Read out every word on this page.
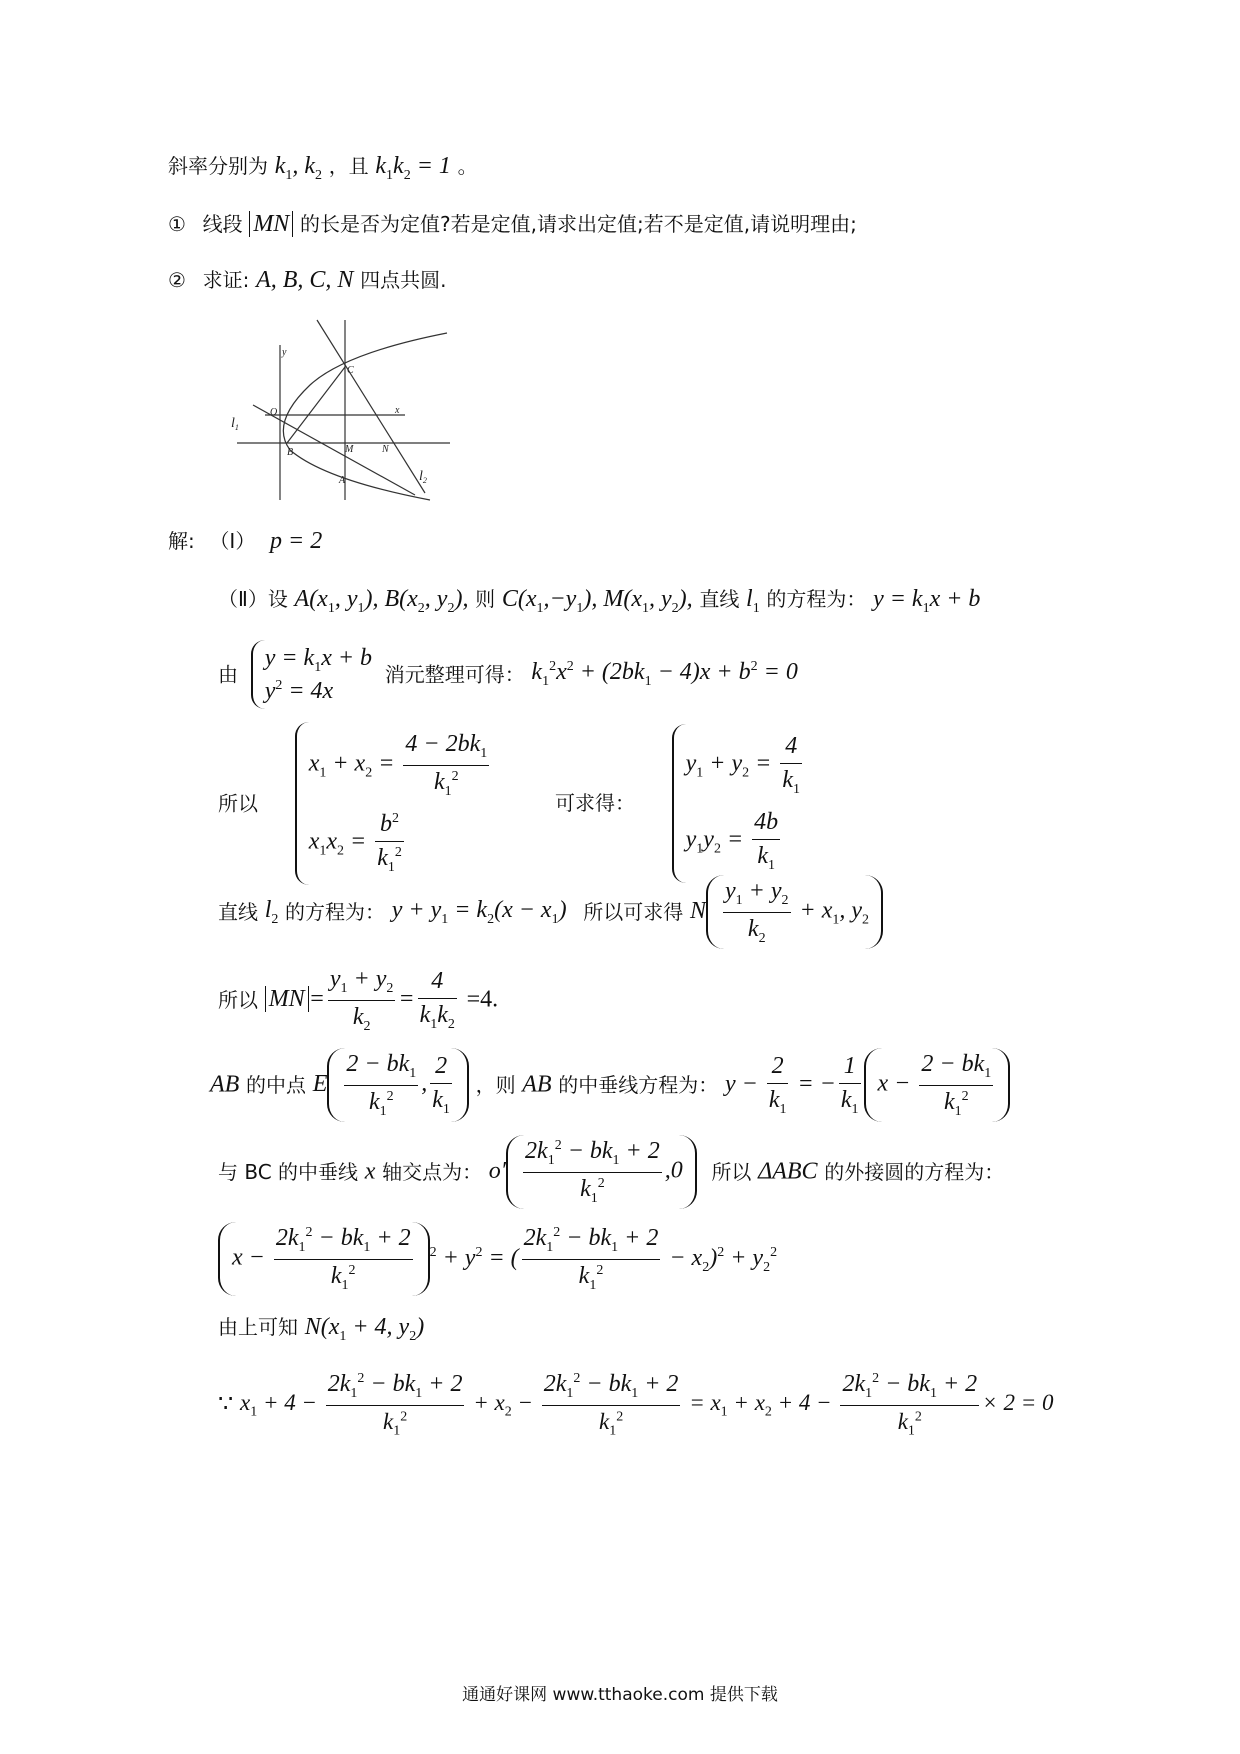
斜率分别为 $k_1$, $k_2$ ，且 $k_1k_2 = 1$ 。
① 线段 MN 的长是否为定值?若是定值,请求出定值;若不是定值,请说明理由;
② 求证: A, B, C, N 四点共圆.
y
x
O
C
B	M	N
A
$l_1$
$l_2$
解: （Ⅰ） p = 2
（Ⅱ）设 $A(x_1$, $y_1$), $B(x_2$, $y_2$), 则 $C(x_1,-y_1)$, $M(x_1$, $y_2$), 直线 $l_1$ 的方程为： $y = k_1x + b$
由
$y = k_1x + b$
$y^2 = 4x$
消元整理可得： $k_1^2x^2 + (2bk_1 - 4)x + b^2 = 0$
所以
$x_1 + x_2 = \frac{4 - 2bk_1}{k_1^2}$
$x_1x_2 = \frac{b^2}{k_1^2}$
可求得：
$y_1 + y_2 = \frac{4}{k_1}$
$y_1y_2 = \frac{4b}{k_1}$
直线 $l_2$ 的方程为： $y + y_1 = k_2(x - x_1)$ 所以可求得 N $\frac{y_1 + y_2}{k_2} + x_1$, $y_2$
所以 MN = $\frac{y_1 + y_2}{k_2} = \frac{4}{k_1k_2} =4$.
AB 的中点 E $\frac{2 - bk_1}{k_1^2}$ , $\frac{2}{k_1}$ ，则 AB 的中垂线方程为： $y - \frac{2}{k_1}$ = − $\frac{1}{k_1}$ $x - \frac{2 - bk_1}{k_1^2}$
与 BC 的中垂线 x 轴交点为： $o' \frac{2k_1^2 - bk_1 + 2}{k_1^2} ,0$ 所以 ΔABC 的外接圆的方程为：
$x - \frac{2k_1^2 - bk_1 + 2}{k_1^2} ^2 + y^2$ = ( $\frac{2k_1^2 - bk_1 + 2}{k_1^2} - x_2)^2 + y_2^2$
由上可知 $N(x_1 + 4$, $y_2$)
∵ $x_1 + 4 - \frac{2k_1^2 - bk_1 + 2}{k_1^2} + x_2 - \frac{2k_1^2 - bk_1 + 2}{k_1^2} = x_1 + x_2 + 4 - \frac{2k_1^2 - bk_1 + 2}{k_1^2} \times 2 = 0$
通通好课网 www.tthaoke.com 提供下载
